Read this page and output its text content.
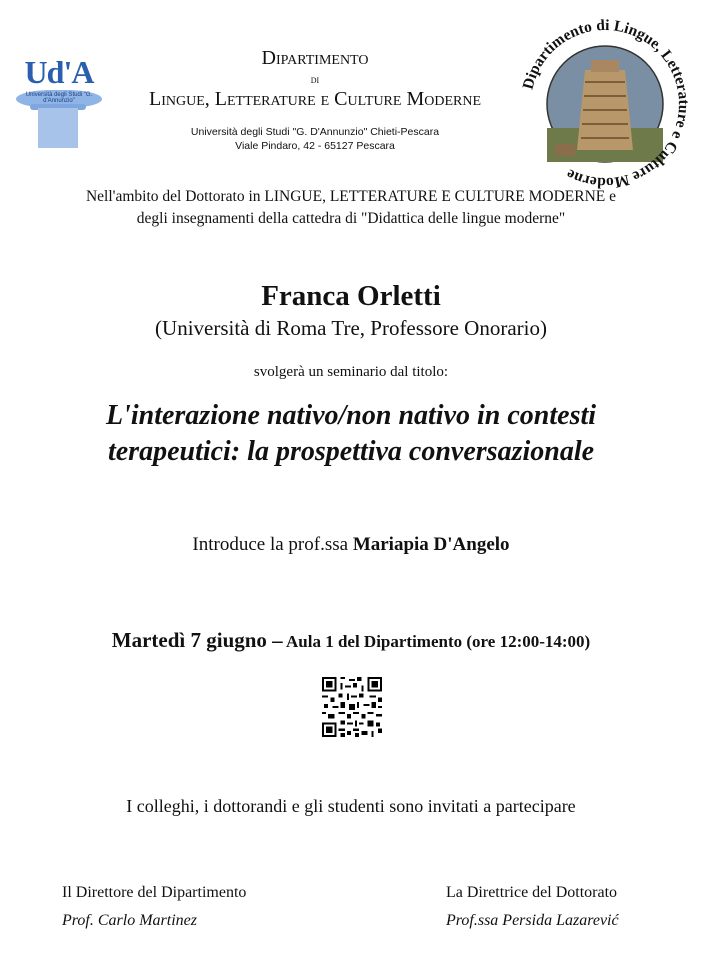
Ud'A
Università degli Studi "G. d'Annunzio"
Dipartimento
di
Lingue, Letterature e Culture Moderne
Università degli Studi "G. D'Annunzio" Chieti-Pescara
Viale Pindaro, 42 - 65127 Pescara
Dipartimento di Lingue, Letterature e Culture Moderne
Nell'ambito del Dottorato in LINGUE, LETTERATURE E CULTURE MODERNE e
degli insegnamenti della cattedra di "Didattica delle lingue moderne"
Franca Orletti
(Università di Roma Tre, Professore Onorario)
svolgerà un seminario dal titolo:
L'interazione nativo/non nativo in contesti
terapeutici: la prospettiva conversazionale
Introduce la prof.ssa Mariapia D'Angelo
Martedì 7 giugno – Aula 1 del Dipartimento (ore 12:00-14:00)
I colleghi, i dottorandi e gli studenti sono invitati a partecipare
Il Direttore del Dipartimento
Prof. Carlo Martinez
La Direttrice del Dottorato
Prof.ssa Persida Lazarević
